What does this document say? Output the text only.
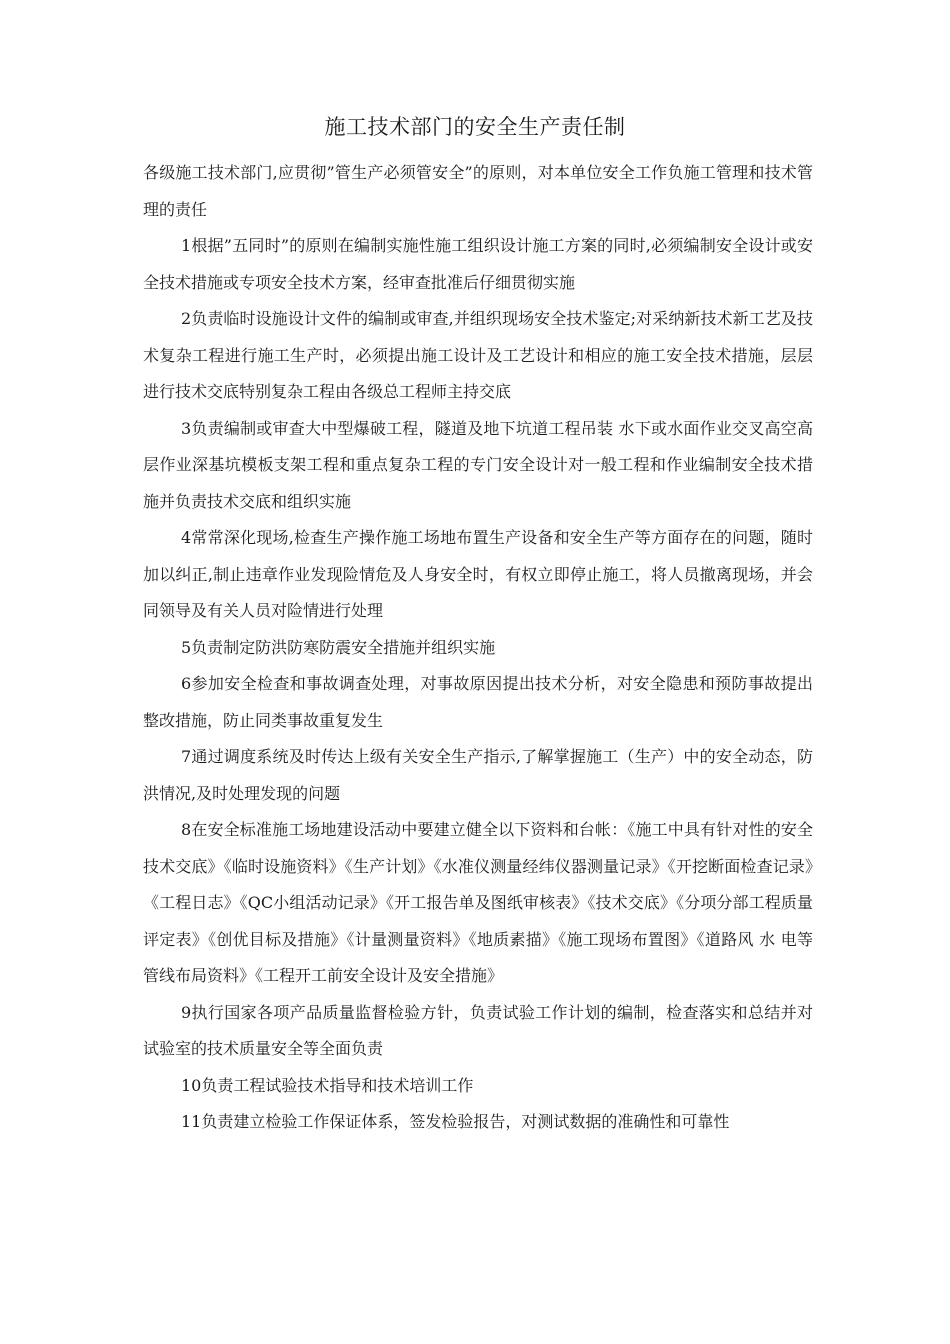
施工技术部门的安全生产责任制

各级施工技术部门,应贯彻”管生产必须管安全”的原则，对本单位安全工作负施工管理和技术管理的责任

1根据”五同时”的原则在编制实施性施工组织设计施工方案的同时,必须编制安全设计或安全技术措施或专项安全技术方案，经审查批准后仔细贯彻实施

2负责临时设施设计文件的编制或审查,并组织现场安全技术鉴定;对采纳新技术新工艺及技术复杂工程进行施工生产时，必须提出施工设计及工艺设计和相应的施工安全技术措施，层层进行技术交底特别复杂工程由各级总工程师主持交底

3负责编制或审查大中型爆破工程，隧道及地下坑道工程吊装 水下或水面作业交叉高空高层作业深基坑模板支架工程和重点复杂工程的专门安全设计对一般工程和作业编制安全技术措施并负责技术交底和组织实施

4常常深化现场,检查生产操作施工场地布置生产设备和安全生产等方面存在的问题，随时加以纠正,制止违章作业发现险情危及人身安全时，有权立即停止施工，将人员撤离现场，并会同领导及有关人员对险情进行处理

5负责制定防洪防寒防震安全措施并组织实施

6参加安全检查和事故调查处理，对事故原因提出技术分析，对安全隐患和预防事故提出整改措施，防止同类事故重复发生

7通过调度系统及时传达上级有关安全生产指示,了解掌握施工（生产）中的安全动态，防洪情况,及时处理发现的问题

8在安全标准施工场地建设活动中要建立健全以下资料和台帐：《施工中具有针对性的安全技术交底》《临时设施资料》《生产计划》《水准仪测量经纬仪器测量记录》《开挖断面检查记录》《工程日志》《QC小组活动记录》《开工报告单及图纸审核表》《技术交底》《分项分部工程质量评定表》《创优目标及措施》《计量测量资料》《地质素描》《施工现场布置图》《道路风 水 电等管线布局资料》《工程开工前安全设计及安全措施》

9执行国家各项产品质量监督检验方针，负责试验工作计划的编制，检查落实和总结并对试验室的技术质量安全等全面负责

10负责工程试验技术指导和技术培训工作

11负责建立检验工作保证体系，签发检验报告，对测试数据的准确性和可靠性
